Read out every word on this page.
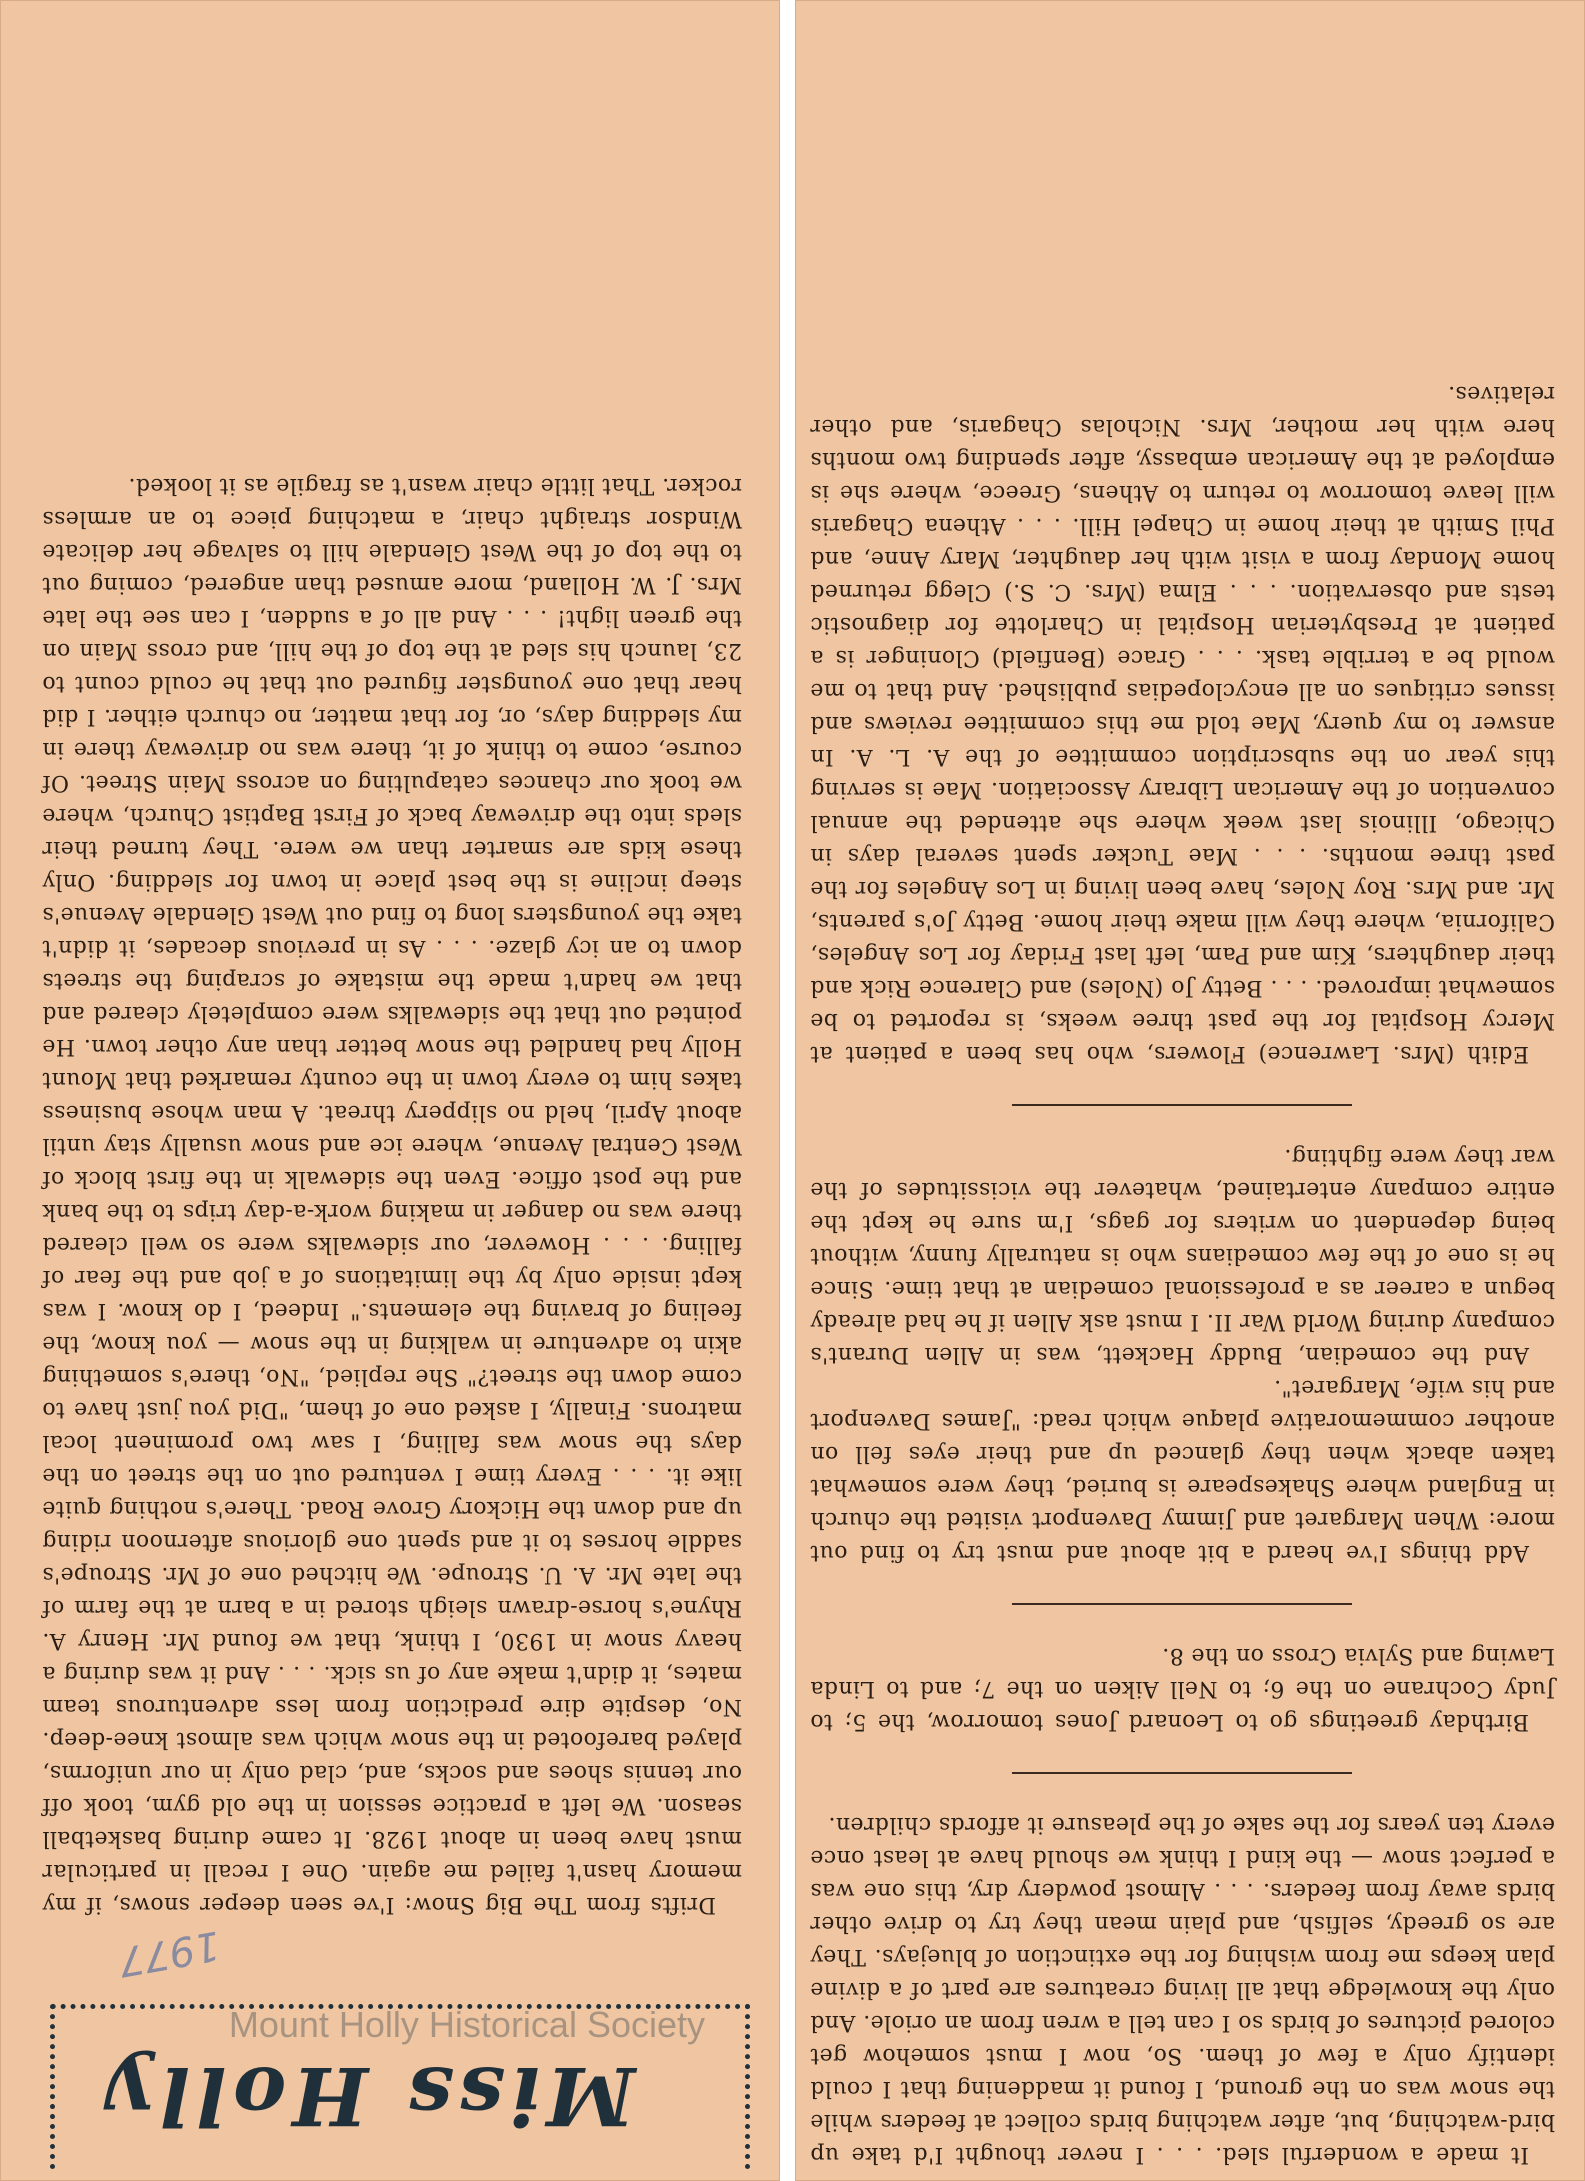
Miss Holly
1977

Drifts from The Big Snow: I've seen deeper snows, if my memory hasn't failed me again. One I recall in particular must have been in about 1928. It came during basketball season. We left a practice session in the old gym, took off our tennis shoes and socks, and, clad only in our uniforms, played barefooted in the snow which was almost knee-deep. No, despite dire prediction from less adventurous team mates, it didn't make any of us sick. . . . And it was during a heavy snow in 1930, I think, that we found Mr. Henry A. Rhyne's horse-drawn sleigh stored in a barn at the farm of the late Mr. A. U. Stroupe. We hitched one of Mr. Stroupe's saddle horses to it and spent one glorious afternoon riding up and down the Hickory Grove Road. There's nothing quite like it. . . . Every time I ventured out on the street on the days the snow was falling, I saw two prominent local matrons. Finally, I asked one of them, "Did you just have to come down the street?" She replied, "No, there's something akin to adventure in walking in the snow — you know, the feeling of braving the elements." Indeed, I do know. I was kept inside only by the limitations of a job and the fear of falling. . . . However, our sidewalks were so well cleared there was no danger in making work-a-day trips to the bank and the post office. Even the sidewalk in the first block of West Central Avenue, where ice and snow usually stay until about April, held no slippery threat. A man whose business takes him to every town in the county remarked that Mount Holly had handled the snow better than any other town. He pointed out that the sidewalks were completely cleared and that we hadn't made the mistake of scraping the streets down to an icy glaze. . . . As in previous decades, it didn't take the youngsters long to find out West Glendale Avenue's steep incline is the best place in town for sledding. Only these kids are smarter than we were. They turned their sleds into the driveway back of First Baptist Church, where we took our chances catapulting on across Main Street. Of course, come to think of it, there was no driveway there in my sledding days, or, for that matter, no church either. I did hear that one youngster figured out that he could count to 23, launch his sled at the top of the hill, and cross Main on the green light! . . . And all of a sudden, I can see the late Mrs. J. W. Holland, more amused than angered, coming out to the top of the West Glendale hill to salvage her delicate Windsor straight chair, a matching piece to an armless rocker. That little chair wasn't as fragile as it looked.

It made a wonderful sled. . . . I never thought I'd take up bird-watching, but, after watching birds collect at feeders while the snow was on the ground, I found it maddening that I could identify only a few of them. So, now I must somehow get colored pictures of birds so I can tell a wren from an oriole. And only the knowledge that all living creatures are part of a divine plan keeps me from wishing for the extinction of bluejays. They are so greedy, selfish, and plain mean they try to drive other birds away from feeders. . . . Almost powdery dry, this one was a perfect snow — the kind I think we should have at least once every ten years for the sake of the pleasure it affords children.

Birthday greetings go to Leonard Jones tomorrow, the 5; to Judy Cochrane on the 6; to Nell Aiken on the 7; and to Linda Lawing and Sylvia Cross on the 8.

Add things I've heard a bit about and must try to find out more: When Margaret and Jimmy Davenport visited the church in England where Shakespeare is buried, they were somewhat taken aback when they glanced up and their eyes fell on another commemorative plaque which read: "James Davenport and his wife, Margaret".

And the comedian, Buddy Hackett, was in Allen Durant's company during World War II. I must ask Allen if he had already begun a career as a professional comedian at that time. Since he is one of the few comedians who is naturally funny, without being dependent on writers for gags, I'm sure he kept the entire company entertained, whatever the vicissitudes of the war they were fighting.

Edith (Mrs. Lawrence) Flowers, who has been a patient at Mercy Hospital for the past three weeks, is reported to be somewhat improved. . . . Betty Jo (Noles) and Clarence Rick and their daughters, Kim and Pam, left last Friday for Los Angeles, California, where they will make their home. Betty Jo's parents, Mr. and Mrs. Roy Noles, have been living in Los Angeles for the past three months. . . . Mae Tucker spent several days in Chicago, Illinois last week where she attended the annual convention of the American Library Association. Mae is serving this year on the subscription committee of the A. L. A. In answer to my query, Mae told me this committee reviews and issues critiques on all encyclopedias published. And that to me would be a terrible task. . . . Grace (Benfield) Cloninger is a patient at Presbyterian Hospital in Charlotte for diagnostic tests and observation. . . . Elma (Mrs. C. S.) Clegg returned home Monday from a visit with her daughter, Mary Anne, and Phil Smith at their home in Chapel Hill. . . . Athena Chagaris will leave tomorrow to return to Athens, Greece, where she is employed at the American embassy, after spending two months here with her mother, Mrs. Nicholas Chagaris, and other relatives.

Mount Holly Historical Society
